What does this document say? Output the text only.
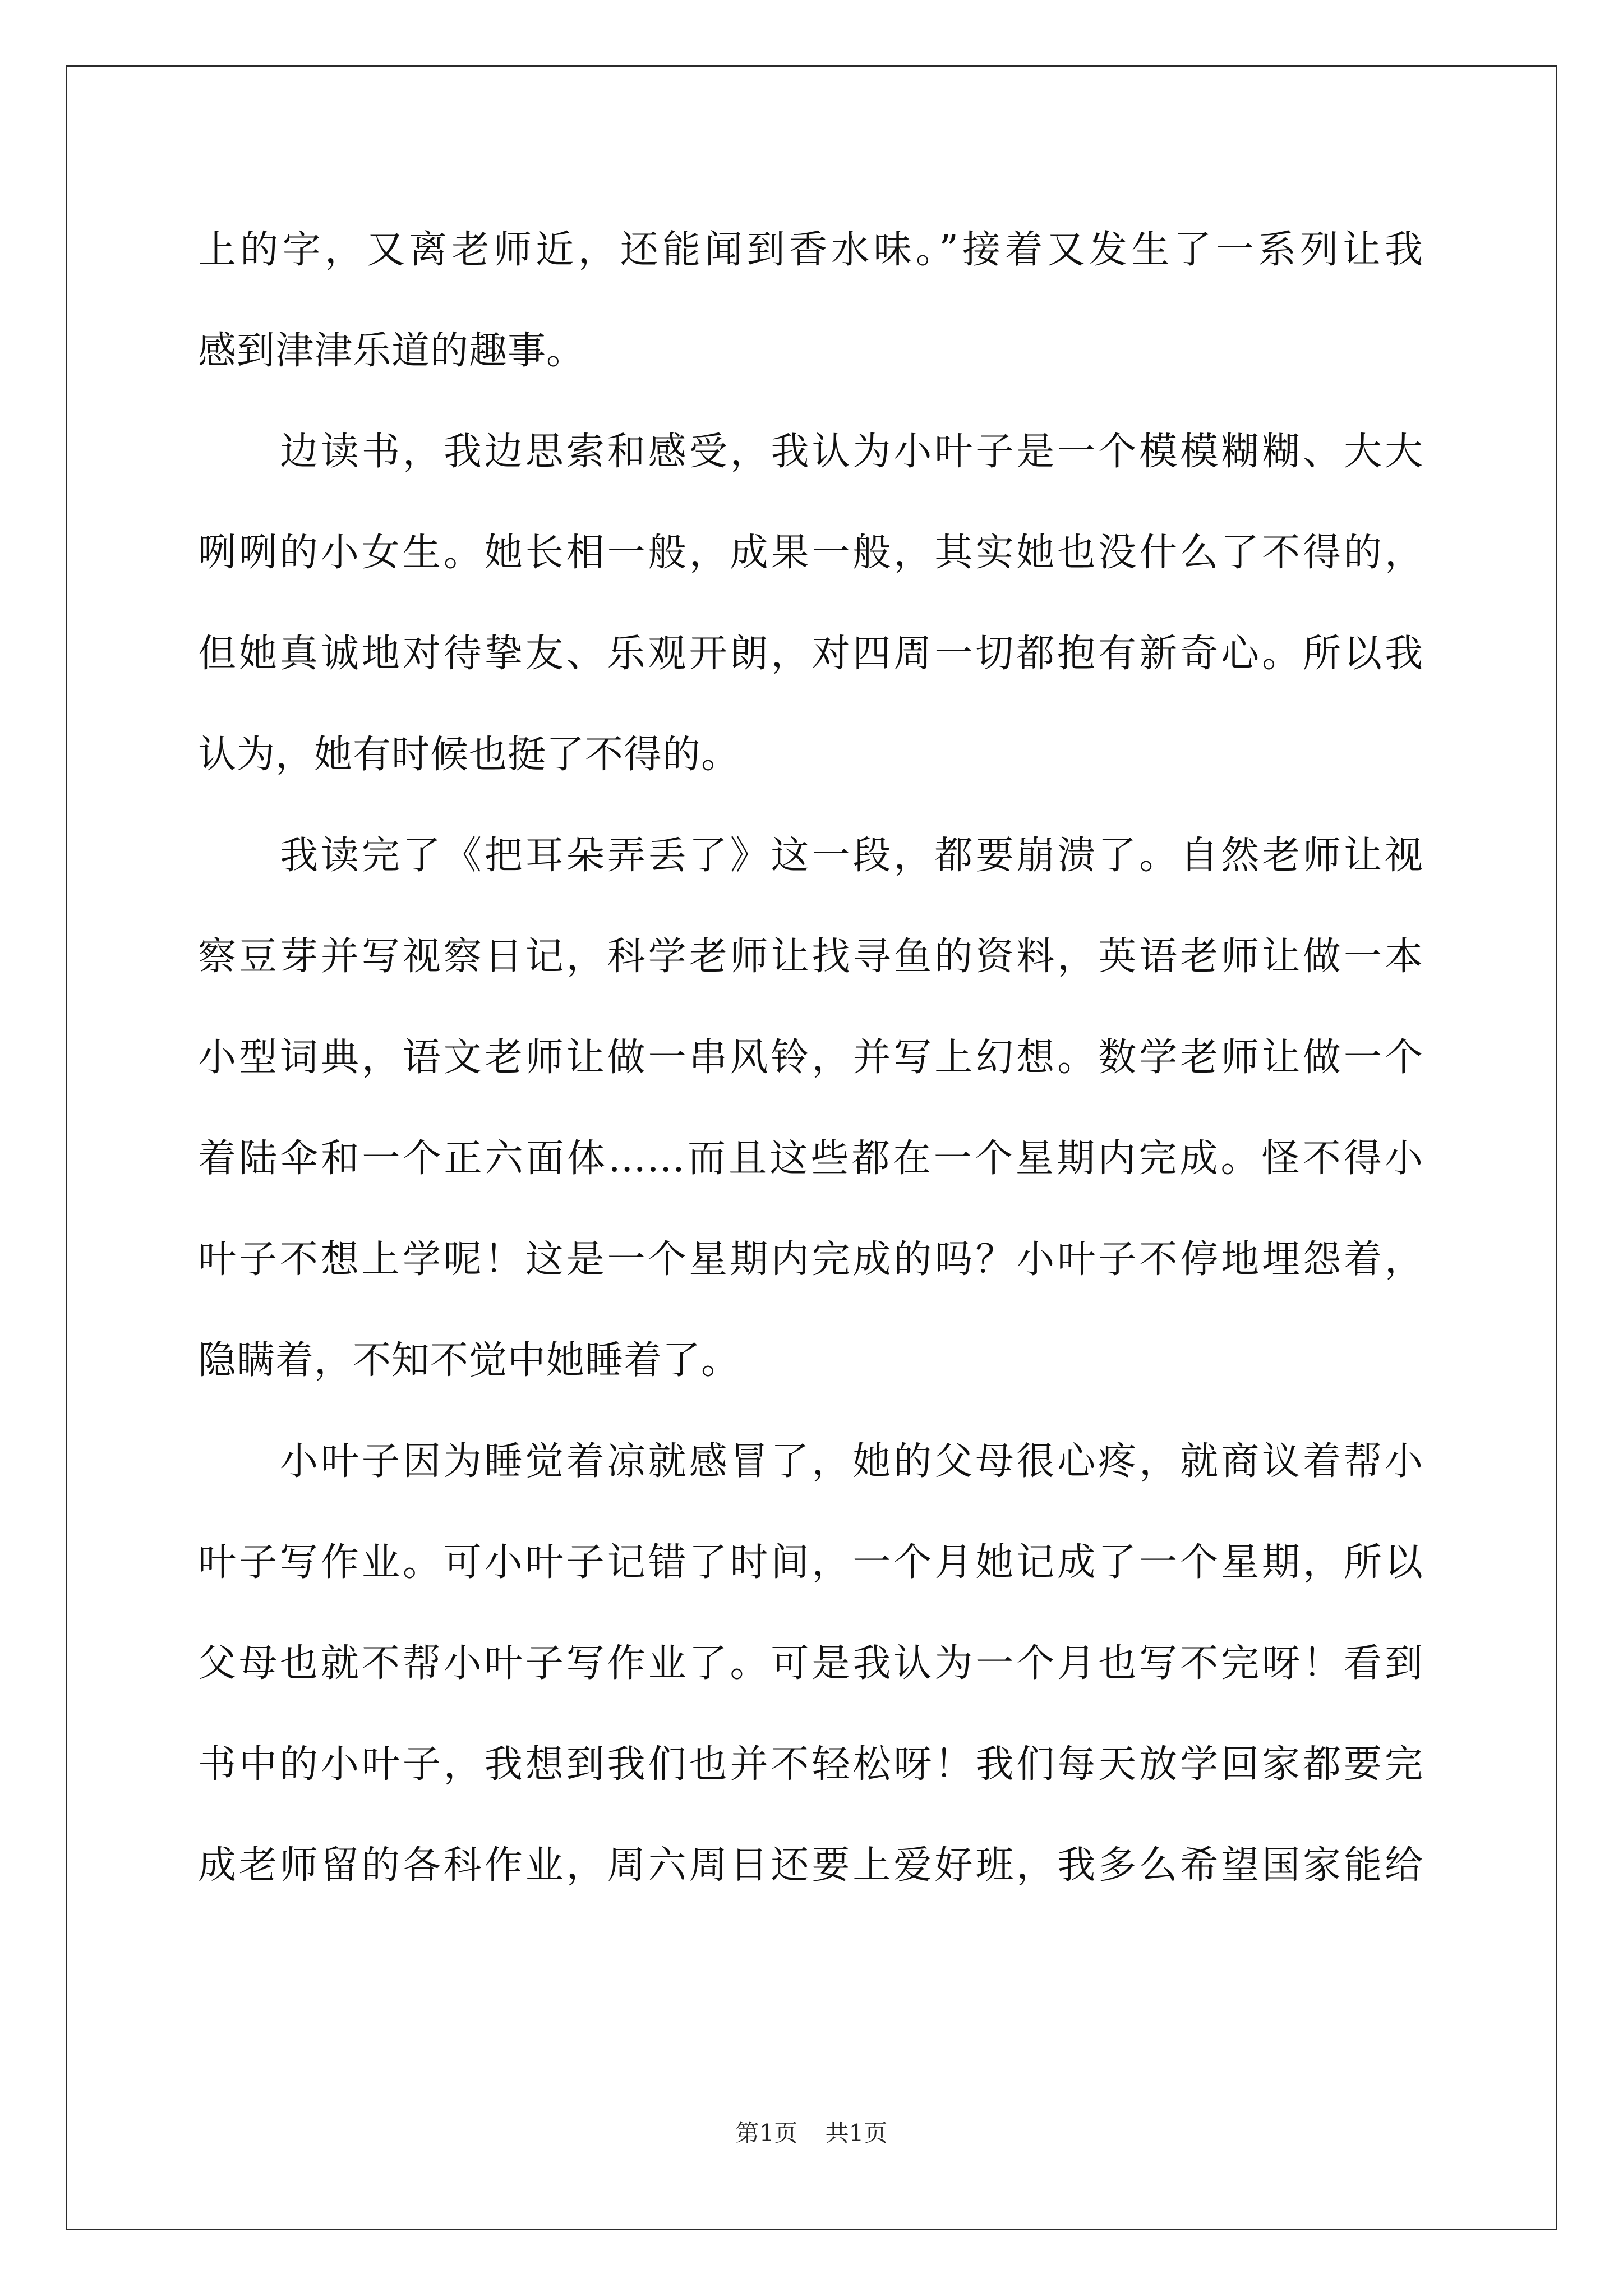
上的字，又离老师近，还能闻到香水味。”接着又发生了一系列让我
感到津津乐道的趣事。
边读书，我边思索和感受，我认为小叶子是一个模模糊糊、大大
咧咧的小女生。她长相一般，成果一般，其实她也没什么了不得的，
但她真诚地对待挚友、乐观开朗，对四周一切都抱有新奇心。所以我
认为，她有时候也挺了不得的。
我读完了《把耳朵弄丢了》这一段，都要崩溃了。自然老师让视
察豆芽并写视察日记，科学老师让找寻鱼的资料，英语老师让做一本
小型词典，语文老师让做一串风铃，并写上幻想。数学老师让做一个
着陆伞和一个正六面体……而且这些都在一个星期内完成。怪不得小
叶子不想上学呢！这是一个星期内完成的吗？小叶子不停地埋怨着，
隐瞒着，不知不觉中她睡着了。
小叶子因为睡觉着凉就感冒了，她的父母很心疼，就商议着帮小
叶子写作业。可小叶子记错了时间，一个月她记成了一个星期，所以
父母也就不帮小叶子写作业了。可是我认为一个月也写不完呀！看到
书中的小叶子，我想到我们也并不轻松呀！我们每天放学回家都要完
成老师留的各科作业，周六周日还要上爱好班，我多么希望国家能给
第1页 共1页
